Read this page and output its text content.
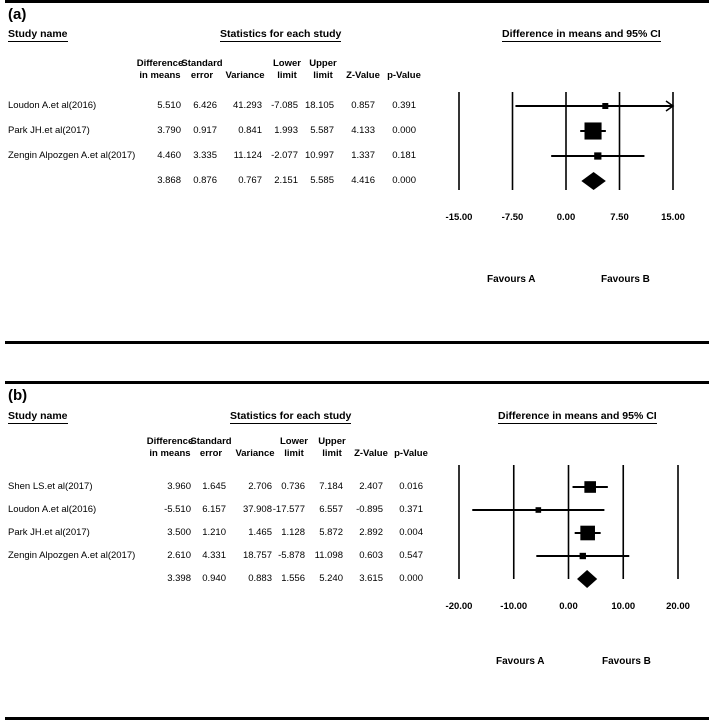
(a)
Study name	Statistics for each study	Difference in means and 95% CI
Difference
in means
Standard
error	Variance
Lower
limit
Upper
limit	Z-Value p-Value
Loudon A.et al(2016)	5.510	6.426	41.293 -7.085 18.105	0.857	0.391
Park JH.et al(2017)	3.790	0.917	0.841	1.993	5.587	4.133	0.000
Zengin Alpozgen A.et al(2017)	4.460	3.335	11.124 -2.077 10.997	1.337	0.181
3.868	0.876	0.767	2.151	5.585	4.416	0.000
-15.00	-7.50	0.00	7.50	15.00
Favours A	Favours B
(b)
Study name	Statistics for each study	Difference in means and 95% CI
Difference
in means
Standard
error	Variance
Lower
limit
Upper
limit	Z-Value p-Value
Shen LS.et al(2017)	3.960	1.645	2.706 0.736	7.184	2.407	0.016
Loudon A.et al(2016)	-5.510	6.157	37.908 -17.577	6.557	-0.895	0.371
Park JH.et al(2017)	3.500	1.210	1.465 1.128	5.872	2.892	0.004
Zengin Alpozgen A.et al(2017)	2.610	4.331	18.757 -5.878	11.098	0.603	0.547
3.398	0.940	0.883 1.556	5.240	3.615	0.000
-20.00	-10.00	0.00	10.00	20.00
Favours A	Favours B
